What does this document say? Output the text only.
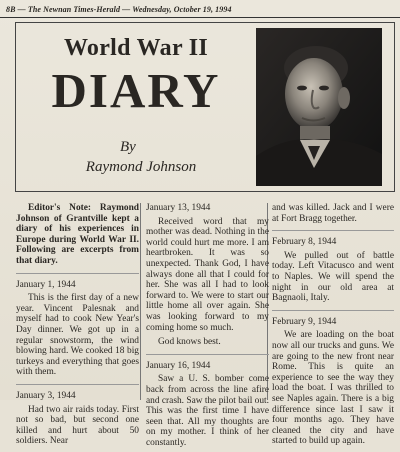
8B — The Newnan Times-Herald — Wednesday, October 19, 1994
World War II
DIARY
By
Raymond Johnson

Editor's Note: Raymond Johnson of Grantville kept a diary of his experiences in Europe during World War II. Following are excerpts from that diary.

January 1, 1944

This is the first day of a new year. Vincent Palesnak and myself had to cook New Year's Day dinner. We got up in a regular snowstorm, the wind blowing hard. We cooked 18 big turkeys and everything that goes with them.

January 3, 1944

Had two air raids today. First not so bad, but second one killed and hurt about 50 soldiers. Near

January 13, 1944

Received word that my mother was dead. Nothing in the world could hurt me more. I am heartbroken. It was so unexpected. Thank God, I have always done all that I could for her. She was all I had to look forward to. We were to start our little home all over again. She was looking forward to my coming home so much.

God knows best.

January 16, 1944

Saw a U. S. bomber come back from across the line afire and crash. Saw the pilot bail out. This was the first time I have seen that. All my thoughts are on my mother. I think of her constantly.

and was killed. Jack and I were at Fort Bragg together.

February 8, 1944

We pulled out of battle today. Left Vitacusco and went to Naples. We will spend the night in our old area at Bagnaoli, Italy.

February 9, 1944

We are loading on the boat now all our trucks and guns. We are going to the new front near Rome. This is quite an experience to see the way they load the boat. I was thrilled to see Naples again. There is a big difference since last I saw it four months ago. They have cleaned the city and have started to build up again.
